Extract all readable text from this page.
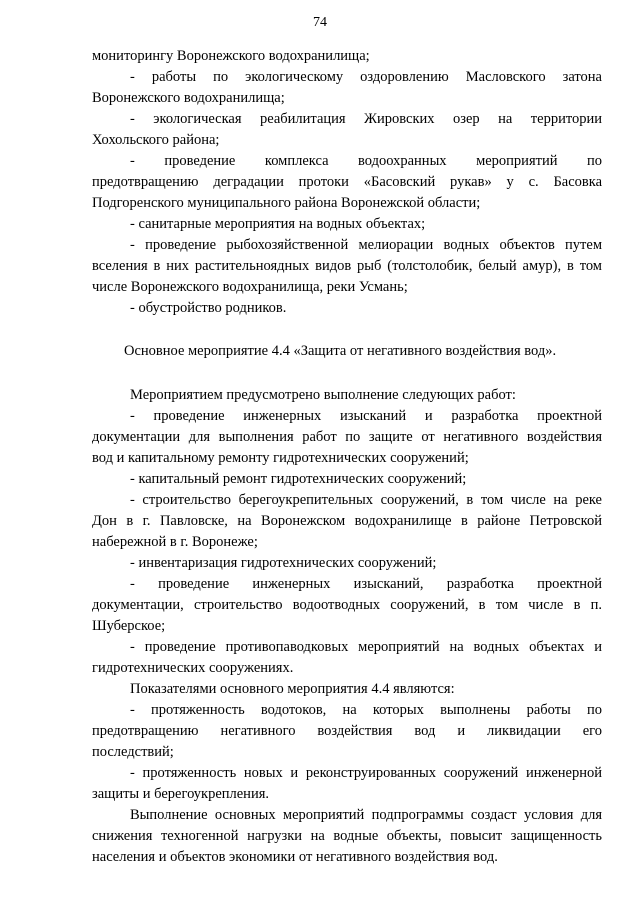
74
мониторингу Воронежского водохранилища;
- работы по экологическому оздоровлению Масловского затона
Воронежского водохранилища;
- экологическая реабилитация Жировских озер на территории
Хохольского района;
- проведение комплекса водоохранных мероприятий по
предотвращению деградации протоки «Басовский рукав» у с. Басовка
Подгоренского муниципального района Воронежской области;
- санитарные мероприятия на водных объектах;
- проведение рыбохозяйственной мелиорации водных объектов путем
вселения в них растительноядных видов рыб (толстолобик, белый амур), в том
числе Воронежского водохранилища, реки Усмань;
- обустройство родников.
Основное мероприятие 4.4 «Защита от негативного воздействия вод».
Мероприятием предусмотрено выполнение следующих работ:
- проведение инженерных изысканий и разработка проектной
документации для выполнения работ по защите от негативного воздействия
вод и капитальному ремонту гидротехнических сооружений;
- капитальный ремонт гидротехнических сооружений;
- строительство берегоукрепительных сооружений, в том числе на реке
Дон в г. Павловске, на Воронежском водохранилище в районе Петровской
набережной в г. Воронеже;
- инвентаризация гидротехнических сооружений;
- проведение инженерных изысканий, разработка проектной
документации, строительство водоотводных сооружений, в том числе в п.
Шуберское;
- проведение противопаводковых мероприятий на водных объектах и
гидротехнических сооружениях.
Показателями основного мероприятия 4.4 являются:
- протяженность водотоков, на которых выполнены работы по
предотвращению негативного воздействия вод и ликвидации его
последствий;
- протяженность новых и реконструированных сооружений инженерной
защиты и берегоукрепления.
Выполнение основных мероприятий подпрограммы создаст условия для
снижения техногенной нагрузки на водные объекты, повысит защищенность
населения и объектов экономики от негативного воздействия вод.
